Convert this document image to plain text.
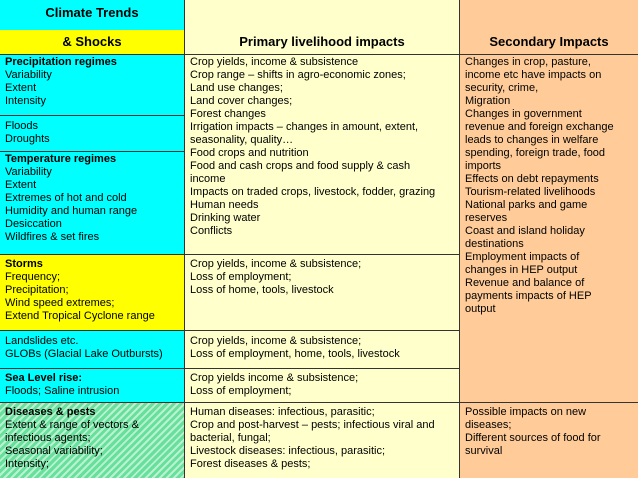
Climate Trends
& Shocks	Primary livelihood impacts	Secondary Impacts
Precipitation regimes
Variability
Extent
Intensity
Floods
Droughts
Temperature regimes
Variability
Extent
Extremes of hot and cold
Humidity and human range
Desiccation
Wildfires & set fires
Storms
Frequency;
Precipitation;
Wind speed extremes;
Extend Tropical Cyclone range
Landslides etc.
GLOBs (Glacial Lake Outbursts)
Sea Level rise:
Floods; Saline intrusion
Diseases & pests
Extent & range of vectors &
infectious agents;
Seasonal variability;
Intensity;
Crop yields, income & subsistence
Crop range – shifts in agro-economic zones;
Land use changes;
Land cover changes;
Forest changes
Irrigation impacts – changes in amount, extent,
seasonality, quality…
Food crops and nutrition
Food and cash crops and food supply & cash
income
Impacts on traded crops, livestock, fodder, grazing
Human needs
Drinking water
Conflicts
Crop yields, income & subsistence;
Loss of employment;
Loss of home, tools, livestock
Crop yields, income & subsistence;
Loss of employment, home, tools, livestock
Crop yields income & subsistence;
Loss of employment;
Human diseases: infectious, parasitic;
Crop and post-harvest – pests; infectious viral and
bacterial, fungal;
Livestock diseases: infectious, parasitic;
Forest diseases & pests;
Changes in crop, pasture,
income etc have impacts on
security, crime,
Migration
Changes in government
revenue and foreign exchange
leads to changes in welfare
spending, foreign trade, food
imports
Effects on debt repayments
Tourism-related livelihoods
National parks and game
reserves
Coast and island holiday
destinations
Employment impacts of
changes in HEP output
Revenue and balance of
payments impacts of HEP
output
Possible impacts on new
diseases;
Different sources of food for
survival
